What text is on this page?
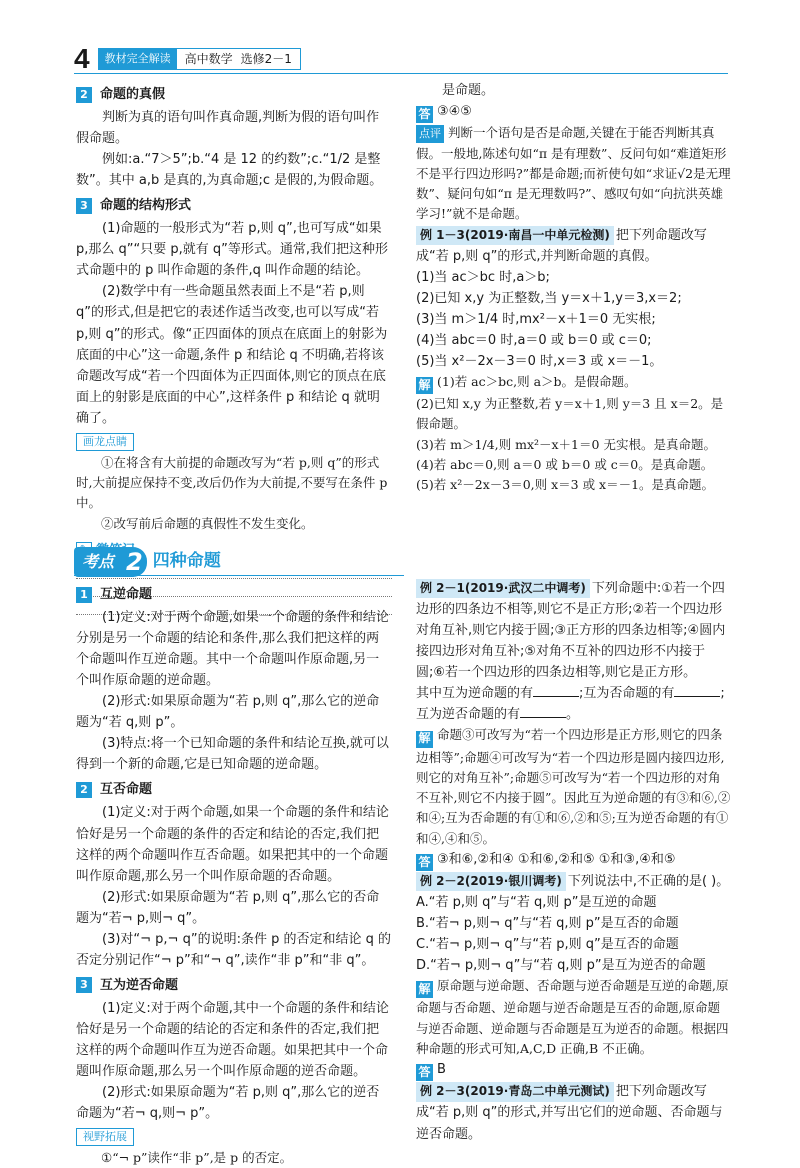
4	教材完全解读	高中数学 选修2－1
2 命题的真假

判断为真的语句叫作真命题,判断为假的语句叫作假命题。

例如:a.“7＞5”;b.“4 是 12 的约数”;c.“1/2 是整数”。其中 a,b 是真的,为真命题;c 是假的,为假命题。

3 命题的结构形式

(1)命题的一般形式为“若 p,则 q”,也可写成“如果 p,那么 q”“只要 p,就有 q”等形式。通常,我们把这种形式命题中的 p 叫作命题的条件,q 叫作命题的结论。

(2)数学中有一些命题虽然表面上不是“若 p,则 q”的形式,但是把它的表述作适当改变,也可以写成“若 p,则 q”的形式。像“正四面体的顶点在底面上的射影为底面的中心”这一命题,条件 p 和结论 q 不明确,若将该命题改写成“若一个四面体为正四面体,则它的顶点在底面上的射影是底面的中心”,这样条件 p 和结论 q 就明确了。

画龙点睛

①在将含有大前提的命题改写为“若 p,则 q”的形式时,大前提应保持不变,改后仍作为大前提,不要写在条件 p 中。

②改写前后命题的真假性不发生变化。

是命题。

答 ③④⑤

点评 判断一个语句是否是命题,关键在于能否判断其真假。一般地,陈述句如“π 是有理数”、反问句如“难道矩形不是平行四边形吗?”都是命题;而祈使句如“求证√2是无理数”、疑问句如“π 是无理数吗?”、感叹句如“向抗洪英雄学习!”就不是命题。

例 1－3(2019·南昌一中单元检测) 把下列命题改写成“若 p,则 q”的形式,并判断命题的真假。

(1)当 ac＞bc 时,a＞b;

(2)已知 x,y 为正整数,当 y＝x＋1,y＝3,x＝2;

(3)当 m＞1/4 时,mx²－x＋1＝0 无实根;

(4)当 abc＝0 时,a＝0 或 b＝0 或 c＝0;

(5)当 x²－2x－3＝0 时,x＝3 或 x＝－1。

解 (1)若 ac＞bc,则 a＞b。是假命题。

(2)已知 x,y 为正整数,若 y＝x＋1,则 y＝3 且 x＝2。是假命题。

(3)若 m＞1/4,则 mx²－x＋1＝0 无实根。是真命题。

(4)若 abc＝0,则 a＝0 或 b＝0 或 c＝0。是真命题。

(5)若 x²－2x－3＝0,则 x＝3 或 x＝－1。是真命题。

考点 2 四种命题
1 互逆命题

(1)定义:对于两个命题,如果一个命题的条件和结论分别是另一个命题的结论和条件,那么我们把这样的两个命题叫作互逆命题。其中一个命题叫作原命题,另一个叫作原命题的逆命题。

(2)形式:如果原命题为“若 p,则 q”,那么它的逆命题为“若 q,则 p”。

(3)特点:将一个已知命题的条件和结论互换,就可以得到一个新的命题,它是已知命题的逆命题。

2 互否命题

(1)定义:对于两个命题,如果一个命题的条件和结论恰好是另一个命题的条件的否定和结论的否定,我们把这样的两个命题叫作互否命题。如果把其中的一个命题叫作原命题,那么另一个叫作原命题的否命题。

(2)形式:如果原命题为“若 p,则 q”,那么它的否命题为“若¬ p,则¬ q”。

(3)对“¬ p,¬ q”的说明:条件 p 的否定和结论 q 的否定分别记作“¬ p”和“¬ q”,读作“非 p”和“非 q”。

3 互为逆否命题

(1)定义:对于两个命题,其中一个命题的条件和结论恰好是另一个命题的结论的否定和条件的否定,我们把这样的两个命题叫作互为逆否命题。如果把其中一个命题叫作原命题,那么另一个叫作原命题的逆否命题。

(2)形式:如果原命题为“若 p,则 q”,那么它的逆否命题为“若¬ q,则¬ p”。

视野拓展

①“¬ p”读作“非 p”,是 p 的否定。

例 2－1(2019·武汉二中调考) 下列命题中:①若一个四边形的四条边不相等,则它不是正方形;②若一个四边形对角互补,则它内接于圆;③正方形的四条边相等;④圆内接四边形对角互补;⑤对角不互补的四边形不内接于圆;⑥若一个四边形的四条边相等,则它是正方形。

其中互为逆命题的有	;互为否命题的有	;互为逆否命题的有	。

解 命题③可改写为“若一个四边形是正方形,则它的四条边相等”;命题④可改写为“若一个四边形是圆内接四边形,则它的对角互补”;命题⑤可改写为“若一个四边形的对角不互补,则它不内接于圆”。因此互为逆命题的有③和⑥,②和④;互为否命题的有①和⑥,②和⑤;互为逆否命题的有①和④,④和⑤。

答 ③和⑥,②和④ ①和⑥,②和⑤ ①和③,④和⑤

例 2－2(2019·银川调考) 下列说法中,不正确的是( )。

A.“若 p,则 q”与“若 q,则 p”是互逆的命题

B.“若¬ p,则¬ q”与“若 q,则 p”是互否的命题

C.“若¬ p,则¬ q”与“若 p,则 q”是互否的命题

D.“若¬ p,则¬ q”与“若 q,则 p”是互为逆否的命题

解 原命题与逆命题、否命题与逆否命题是互逆的命题,原命题与否命题、逆命题与逆否命题是互否的命题,原命题与逆否命题、逆命题与否命题是互为逆否的命题。根据四种命题的形式可知,A,C,D 正确,B 不正确。

答 B

例 2－3(2019·青岛二中单元测试) 把下列命题改写成“若 p,则 q”的形式,并写出它们的逆命题、否命题与逆否命题。
